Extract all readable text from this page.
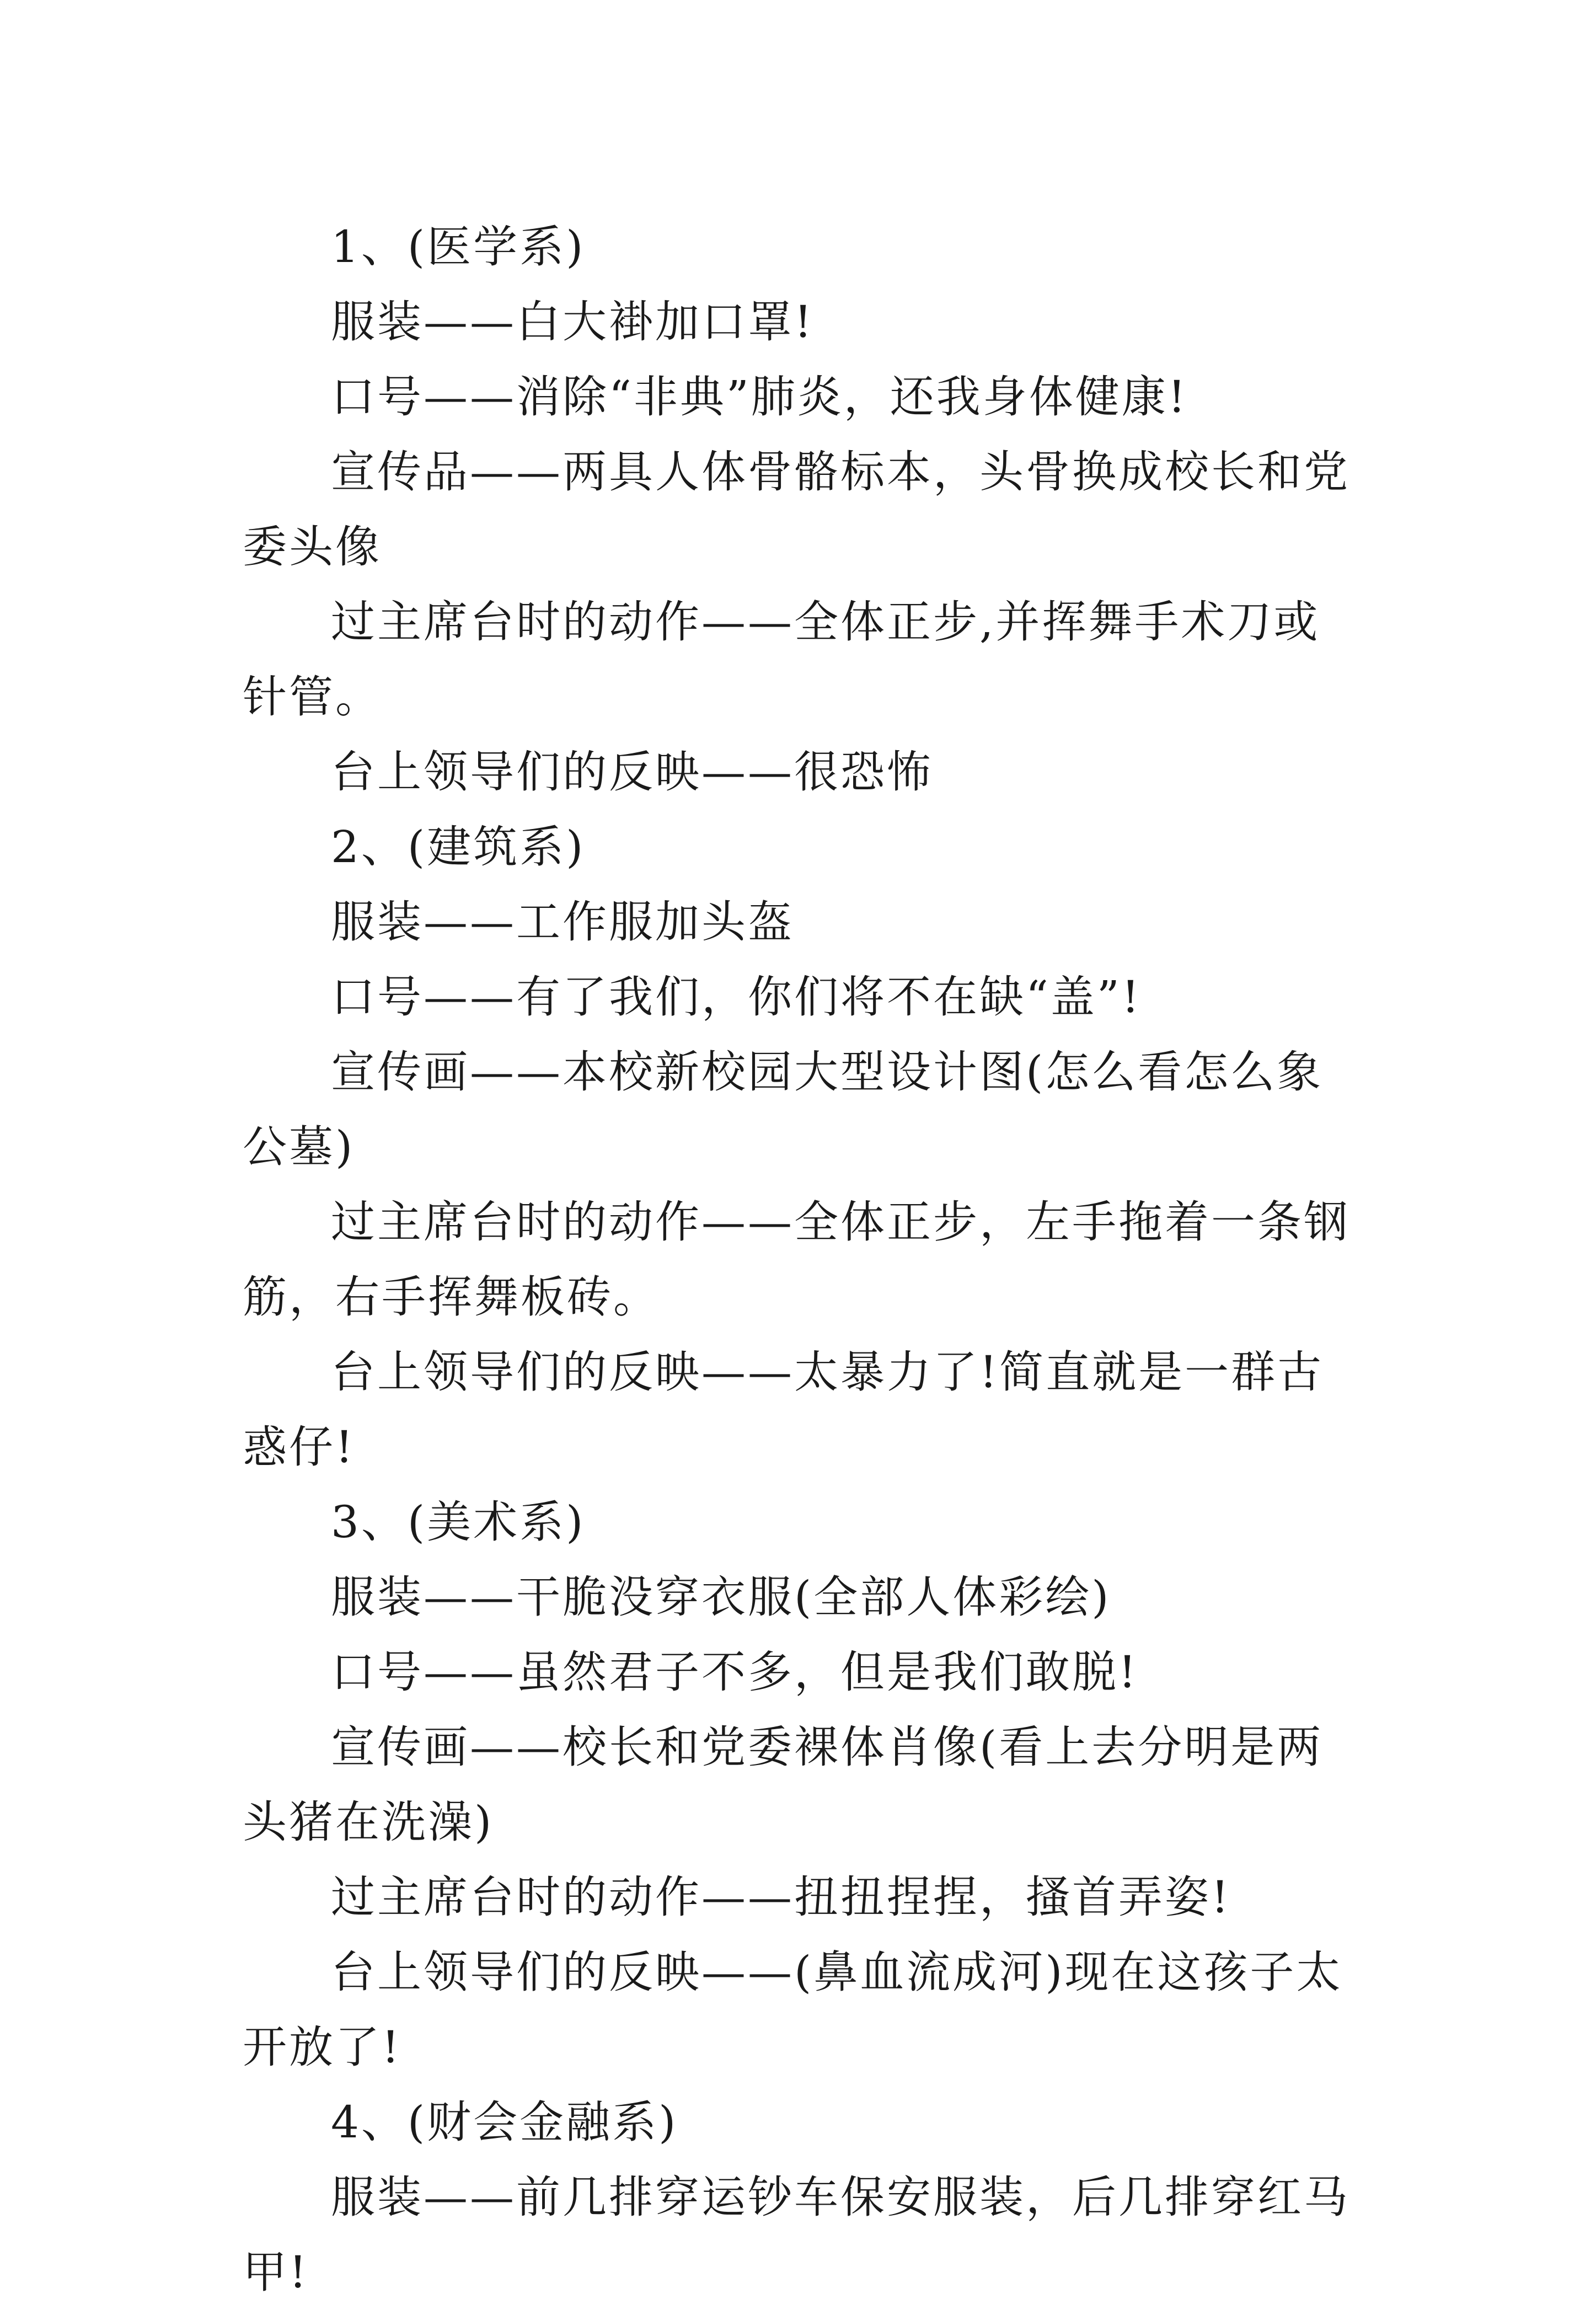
1、(医学系)

服装——白大褂加口罩!

口号——消除“非典”肺炎，还我身体健康!

宣传品——两具人体骨骼标本，头骨换成校长和党委头像

过主席台时的动作——全体正步,并挥舞手术刀或针管。

台上领导们的反映——很恐怖

2、(建筑系)

服装——工作服加头盔

口号——有了我们，你们将不在缺“盖”!

宣传画——本校新校园大型设计图(怎么看怎么象公墓)

过主席台时的动作——全体正步，左手拖着一条钢筋，右手挥舞板砖。

台上领导们的反映——太暴力了!简直就是一群古惑仔!

3、(美术系)

服装——干脆没穿衣服(全部人体彩绘)

口号——虽然君子不多，但是我们敢脱!

宣传画——校长和党委裸体肖像(看上去分明是两头猪在洗澡)

过主席台时的动作——扭扭捏捏，搔首弄姿!

台上领导们的反映——(鼻血流成河)现在这孩子太开放了!

4、(财会金融系)

服装——前几排穿运钞车保安服装，后几排穿红马甲!
